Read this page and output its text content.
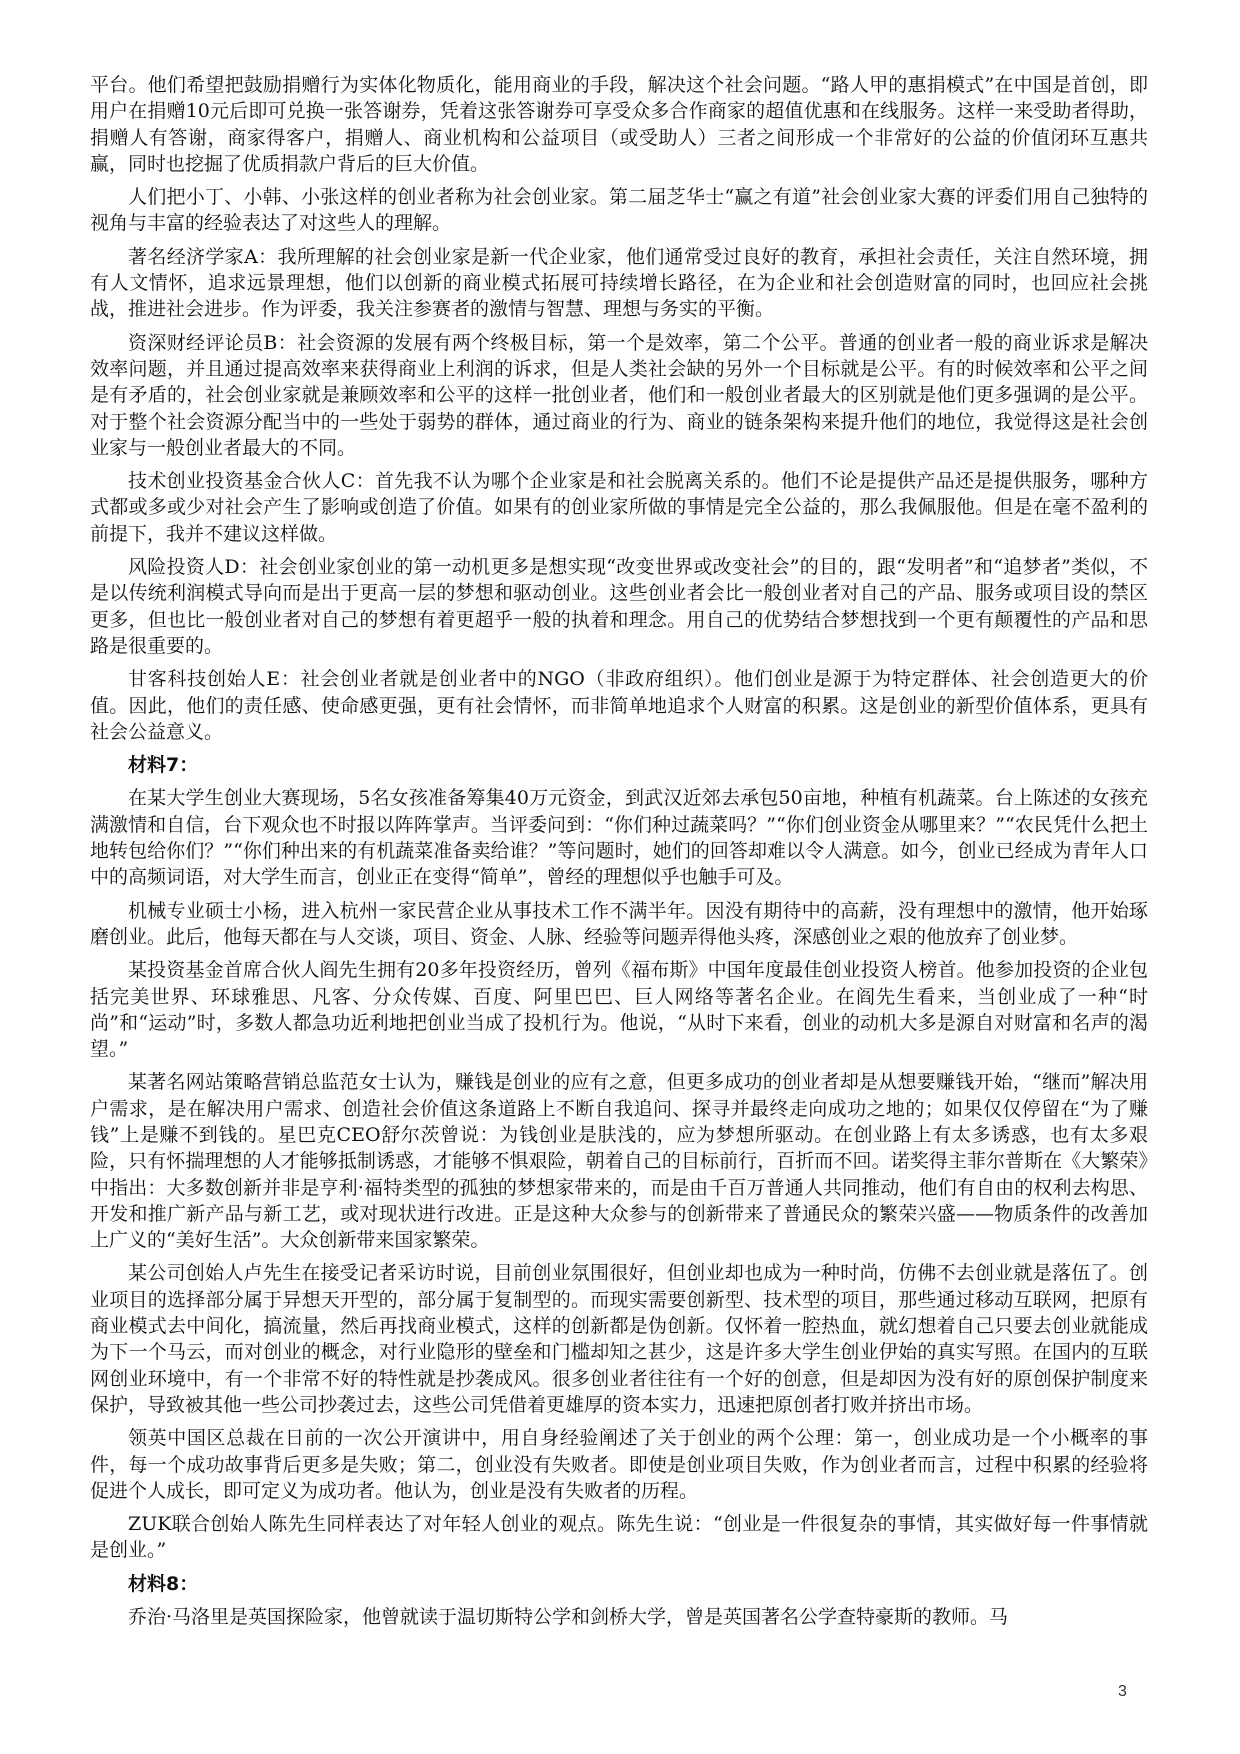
平台。他们希望把鼓励捐赠行为实体化物质化，能用商业的手段，解决这个社会问题。“路人甲的惠捐模式”在中国是首创，即用户在捐赠10元后即可兑换一张答谢券，凭着这张答谢券可享受众多合作商家的超值优惠和在线服务。这样一来受助者得助，捐赠人有答谢，商家得客户，捐赠人、商业机构和公益项目（或受助人）三者之间形成一个非常好的公益的价值闭环互惠共赢，同时也挖掘了优质捐款户背后的巨大价值。

人们把小丁、小韩、小张这样的创业者称为社会创业家。第二届芝华士“赢之有道”社会创业家大赛的评委们用自己独特的视角与丰富的经验表达了对这些人的理解。

著名经济学家A：我所理解的社会创业家是新一代企业家，他们通常受过良好的教育，承担社会责任，关注自然环境，拥有人文情怀，追求远景理想，他们以创新的商业模式拓展可持续增长路径，在为企业和社会创造财富的同时，也回应社会挑战，推进社会进步。作为评委，我关注参赛者的激情与智慧、理想与务实的平衡。

资深财经评论员B：社会资源的发展有两个终极目标，第一个是效率，第二个公平。普通的创业者一般的商业诉求是解决效率问题，并且通过提高效率来获得商业上利润的诉求，但是人类社会缺的另外一个目标就是公平。有的时候效率和公平之间是有矛盾的，社会创业家就是兼顾效率和公平的这样一批创业者，他们和一般创业者最大的区别就是他们更多强调的是公平。对于整个社会资源分配当中的一些处于弱势的群体，通过商业的行为、商业的链条架构来提升他们的地位，我觉得这是社会创业家与一般创业者最大的不同。

技术创业投资基金合伙人C：首先我不认为哪个企业家是和社会脱离关系的。他们不论是提供产品还是提供服务，哪种方式都或多或少对社会产生了影响或创造了价值。如果有的创业家所做的事情是完全公益的，那么我佩服他。但是在毫不盈利的前提下，我并不建议这样做。

风险投资人D：社会创业家创业的第一动机更多是想实现“改变世界或改变社会”的目的，跟“发明者”和“追梦者”类似，不是以传统利润模式导向而是出于更高一层的梦想和驱动创业。这些创业者会比一般创业者对自己的产品、服务或项目设的禁区更多，但也比一般创业者对自己的梦想有着更超乎一般的执着和理念。用自己的优势结合梦想找到一个更有颠覆性的产品和思路是很重要的。

甘客科技创始人E：社会创业者就是创业者中的NGO（非政府组织）。他们创业是源于为特定群体、社会创造更大的价值。因此，他们的责任感、使命感更强，更有社会情怀，而非简单地追求个人财富的积累。这是创业的新型价值体系，更具有社会公益意义。

材料7：

在某大学生创业大赛现场，5名女孩准备筹集40万元资金，到武汉近郊去承包50亩地，种植有机蔬菜。台上陈述的女孩充满激情和自信，台下观众也不时报以阵阵掌声。当评委问到：“你们种过蔬菜吗？”“你们创业资金从哪里来？”“农民凭什么把土地转包给你们？”“你们种出来的有机蔬菜准备卖给谁？”等问题时，她们的回答却难以令人满意。如今，创业已经成为青年人口中的高频词语，对大学生而言，创业正在变得“简单”，曾经的理想似乎也触手可及。

机械专业硕士小杨，进入杭州一家民营企业从事技术工作不满半年。因没有期待中的高薪，没有理想中的激情，他开始琢磨创业。此后，他每天都在与人交谈，项目、资金、人脉、经验等问题弄得他头疼，深感创业之艰的他放弃了创业梦。

某投资基金首席合伙人阎先生拥有20多年投资经历，曾列《福布斯》中国年度最佳创业投资人榜首。他参加投资的企业包括完美世界、环球雅思、凡客、分众传媒、百度、阿里巴巴、巨人网络等著名企业。在阎先生看来，当创业成了一种“时尚”和“运动”时，多数人都急功近利地把创业当成了投机行为。他说，“从时下来看，创业的动机大多是源自对财富和名声的渴望。”

某著名网站策略营销总监范女士认为，赚钱是创业的应有之意，但更多成功的创业者却是从想要赚钱开始，“继而”解决用户需求，是在解决用户需求、创造社会价值这条道路上不断自我追问、探寻并最终走向成功之地的；如果仅仅停留在“为了赚钱”上是赚不到钱的。星巴克CEO舒尔茨曾说：为钱创业是肤浅的，应为梦想所驱动。在创业路上有太多诱惑，也有太多艰险，只有怀揣理想的人才能够抵制诱惑，才能够不惧艰险，朝着自己的目标前行，百折而不回。诺奖得主菲尔普斯在《大繁荣》中指出：大多数创新并非是亨利·福特类型的孤独的梦想家带来的，而是由千百万普通人共同推动，他们有自由的权利去构思、开发和推广新产品与新工艺，或对现状进行改进。正是这种大众参与的创新带来了普通民众的繁荣兴盛——物质条件的改善加上广义的“美好生活”。大众创新带来国家繁荣。

某公司创始人卢先生在接受记者采访时说，目前创业氛围很好，但创业却也成为一种时尚，仿佛不去创业就是落伍了。创业项目的选择部分属于异想天开型的，部分属于复制型的。而现实需要创新型、技术型的项目，那些通过移动互联网，把原有商业模式去中间化，搞流量，然后再找商业模式，这样的创新都是伪创新。仅怀着一腔热血，就幻想着自己只要去创业就能成为下一个马云，而对创业的概念，对行业隐形的壁垒和门槛却知之甚少，这是许多大学生创业伊始的真实写照。在国内的互联网创业环境中，有一个非常不好的特性就是抄袭成风。很多创业者往往有一个好的创意，但是却因为没有好的原创保护制度来保护，导致被其他一些公司抄袭过去，这些公司凭借着更雄厚的资本实力，迅速把原创者打败并挤出市场。

领英中国区总裁在日前的一次公开演讲中，用自身经验阐述了关于创业的两个公理：第一，创业成功是一个小概率的事件，每一个成功故事背后更多是失败；第二，创业没有失败者。即使是创业项目失败，作为创业者而言，过程中积累的经验将促进个人成长，即可定义为成功者。他认为，创业是没有失败者的历程。

ZUK联合创始人陈先生同样表达了对年轻人创业的观点。陈先生说：“创业是一件很复杂的事情，其实做好每一件事情就是创业。”

材料8：

乔治·马洛里是英国探险家，他曾就读于温切斯特公学和剑桥大学，曾是英国著名公学查特豪斯的教师。马

3
